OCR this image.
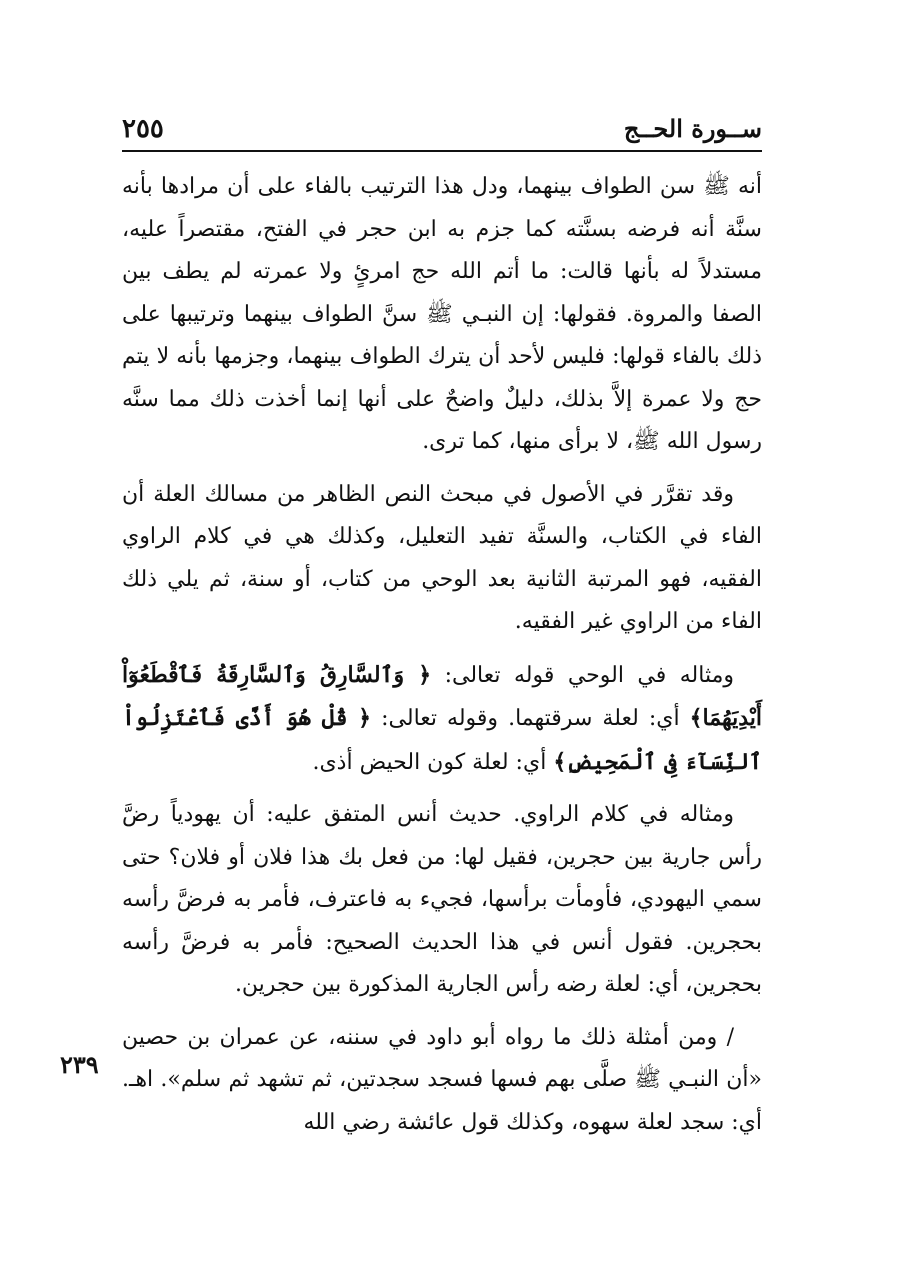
ســورة الحــج
٢٥٥

أنه ﷺ سن الطواف بينهما، ودل هذا الترتيب بالفاء على أن مرادها بأنه سنَّة أنه فرضه بسنَّته كما جزم به ابن حجر في الفتح، مقتصراً عليه، مستدلاً له بأنها قالت: ما أتم الله حج امرئٍ ولا عمرته لم يطف بين الصفا والمروة. فقولها: إن النبـي ﷺ سنَّ الطواف بينهما وترتيبها على ذلك بالفاء قولها: فليس لأحد أن يترك الطواف بينهما، وجزمها بأنه لا يتم حج ولا عمرة إلاَّ بذلك، دليلٌ واضحٌ على أنها إنما أخذت ذلك مما سنَّه رسول الله ﷺ، لا برأى منها، كما ترى.

وقد تقرَّر في الأصول في مبحث النص الظاهر من مسالك العلة أن الفاء في الكتاب، والسنَّة تفيد التعليل، وكذلك هي في كلام الراوي الفقيه، فهو المرتبة الثانية بعد الوحي من كتاب، أو سنة، ثم يلي ذلك الفاء من الراوي غير الفقيه.

ومثاله في الوحي قوله تعالى: ﴿ وَٱلسَّارِقُ وَٱلسَّارِقَةُ فَٱقْطَعُوٓاْ أَيْدِيَهُمَا﴾ أي: لعلة سرقتهما. وقوله تعالى: ﴿ قُلْ هُوَ أَذًى فَٱعْتَزِلُواْ ٱلنِّسَآءَ فِى ٱلْمَحِيضِ﴾ أي: لعلة كون الحيض أذى.

ومثاله في كلام الراوي. حديث أنس المتفق عليه: أن يهودياً رضَّ رأس جارية بين حجرين، فقيل لها: من فعل بك هذا فلان أو فلان؟ حتى سمي اليهودي، فأومأت برأسها، فجيء به فاعترف، فأمر به فرضَّ رأسه بحجرين. فقول أنس في هذا الحديث الصحيح: فأمر به فرضَّ رأسه بحجرين، أي: لعلة رضه رأس الجارية المذكورة بين حجرين.

/ ومن أمثلة ذلك ما رواه أبو داود في سننه، عن عمران بن حصين «أن النبـي ﷺ صلَّى بهم فسها فسجد سجدتين، ثم تشهد ثم سلم». اهـ. أي: سجد لعلة سهوه، وكذلك قول عائشة رضي الله

٢٣٩
